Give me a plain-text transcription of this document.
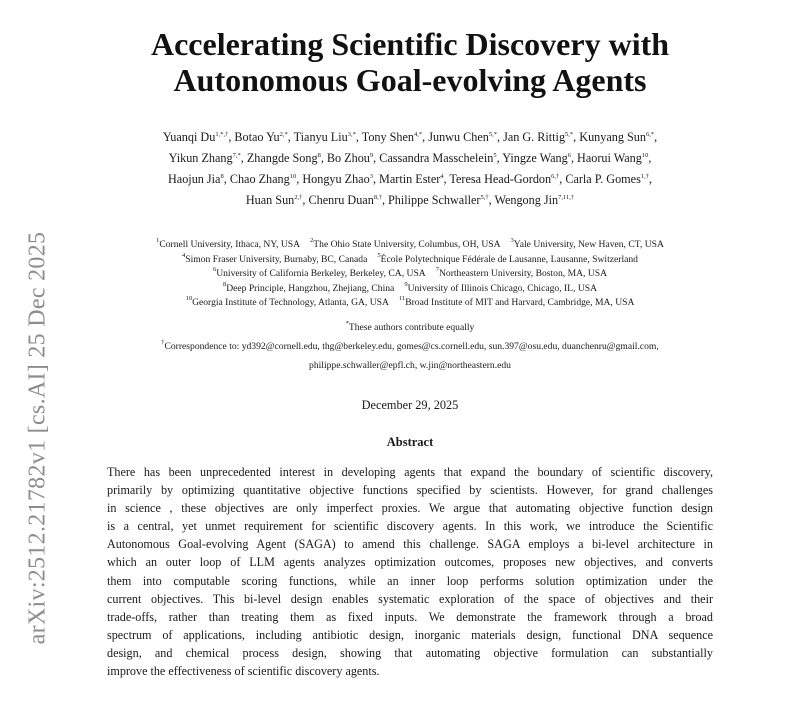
arXiv:2512.21782v1 [cs.AI] 25 Dec 2025
Accelerating Scientific Discovery with
Autonomous Goal-evolving Agents
Yuanqi $Du^{1,*,\dagger}$, Botao $Yu^{2,*}$, Tianyu Liu$^{3,*}$, Tony Shen$^{4,*}$, Junwu Chen$^{5,*}$, Jan G. Rittig$^{5,*}$, Kunyang Sun$^{6,*}$,
Yikun Zhang$^{7,*}$, Zhangde Song$^8$, Bo Zhou$^9$, Cassandra Masschelein$^5$, Yingze Wang$^6$, Haorui Wang$^{10}$,
Haojun Jia$^8$, Chao Zhang$^{10}$, Hongyu Zhao$^3$, Martin Ester$^4$, Teresa Head-Gordon$^{6,\dagger}$, Carla P. Gomes$^{1,\dagger}$,
Huan Sun$^{2,\dagger}$, Chenru Duan$^{8,\dagger}$, Philippe Schwaller$^{5,\dagger}$, Wengong Jin$^{7,11,\dagger}$
$^1$Cornell University, Ithaca, NY, USA $^2$The Ohio State University, Columbus, OH, USA $^3$Yale University, New Haven, CT, USA
$^4$Simon Fraser University, Burnaby, BC, Canada $^5$École Polytechnique Fédérale de Lausanne, Lausanne, Switzerland
$^6$University of California Berkeley, Berkeley, CA, USA $^7$Northeastern University, Boston, MA, USA
$^8$Deep Principle, Hangzhou, Zhejiang, China $^9$University of Illinois Chicago, Chicago, IL, USA
$^{10}$Georgia Institute of Technology, Atlanta, GA, USA $^{11}$Broad Institute of MIT and Harvard, Cambridge, MA, USA
*These authors contribute equally
†Correspondence to: yd392@cornell.edu, thg@berkeley.edu, gomes@cs.cornell.edu, sun.397@osu.edu, duanchenru@gmail.com,
philippe.schwaller@epfl.ch, w.jin@northeastern.edu
December 29, 2025
Abstract
There has been unprecedented interest in developing agents that expand the boundary of scientific discovery,
primarily by optimizing quantitative objective functions specified by scientists. However, for grand challenges
in science , these objectives are only imperfect proxies. We argue that automating objective function design
is a central, yet unmet requirement for scientific discovery agents. In this work, we introduce the Scientific
Autonomous Goal-evolving Agent (SAGA) to amend this challenge. SAGA employs a bi-level architecture in
which an outer loop of LLM agents analyzes optimization outcomes, proposes new objectives, and converts
them into computable scoring functions, while an inner loop performs solution optimization under the
current objectives. This bi-level design enables systematic exploration of the space of objectives and their
trade-offs, rather than treating them as fixed inputs. We demonstrate the framework through a broad
spectrum of applications, including antibiotic design, inorganic materials design, functional DNA sequence
design, and chemical process design, showing that automating objective formulation can substantially
improve the effectiveness of scientific discovery agents.
